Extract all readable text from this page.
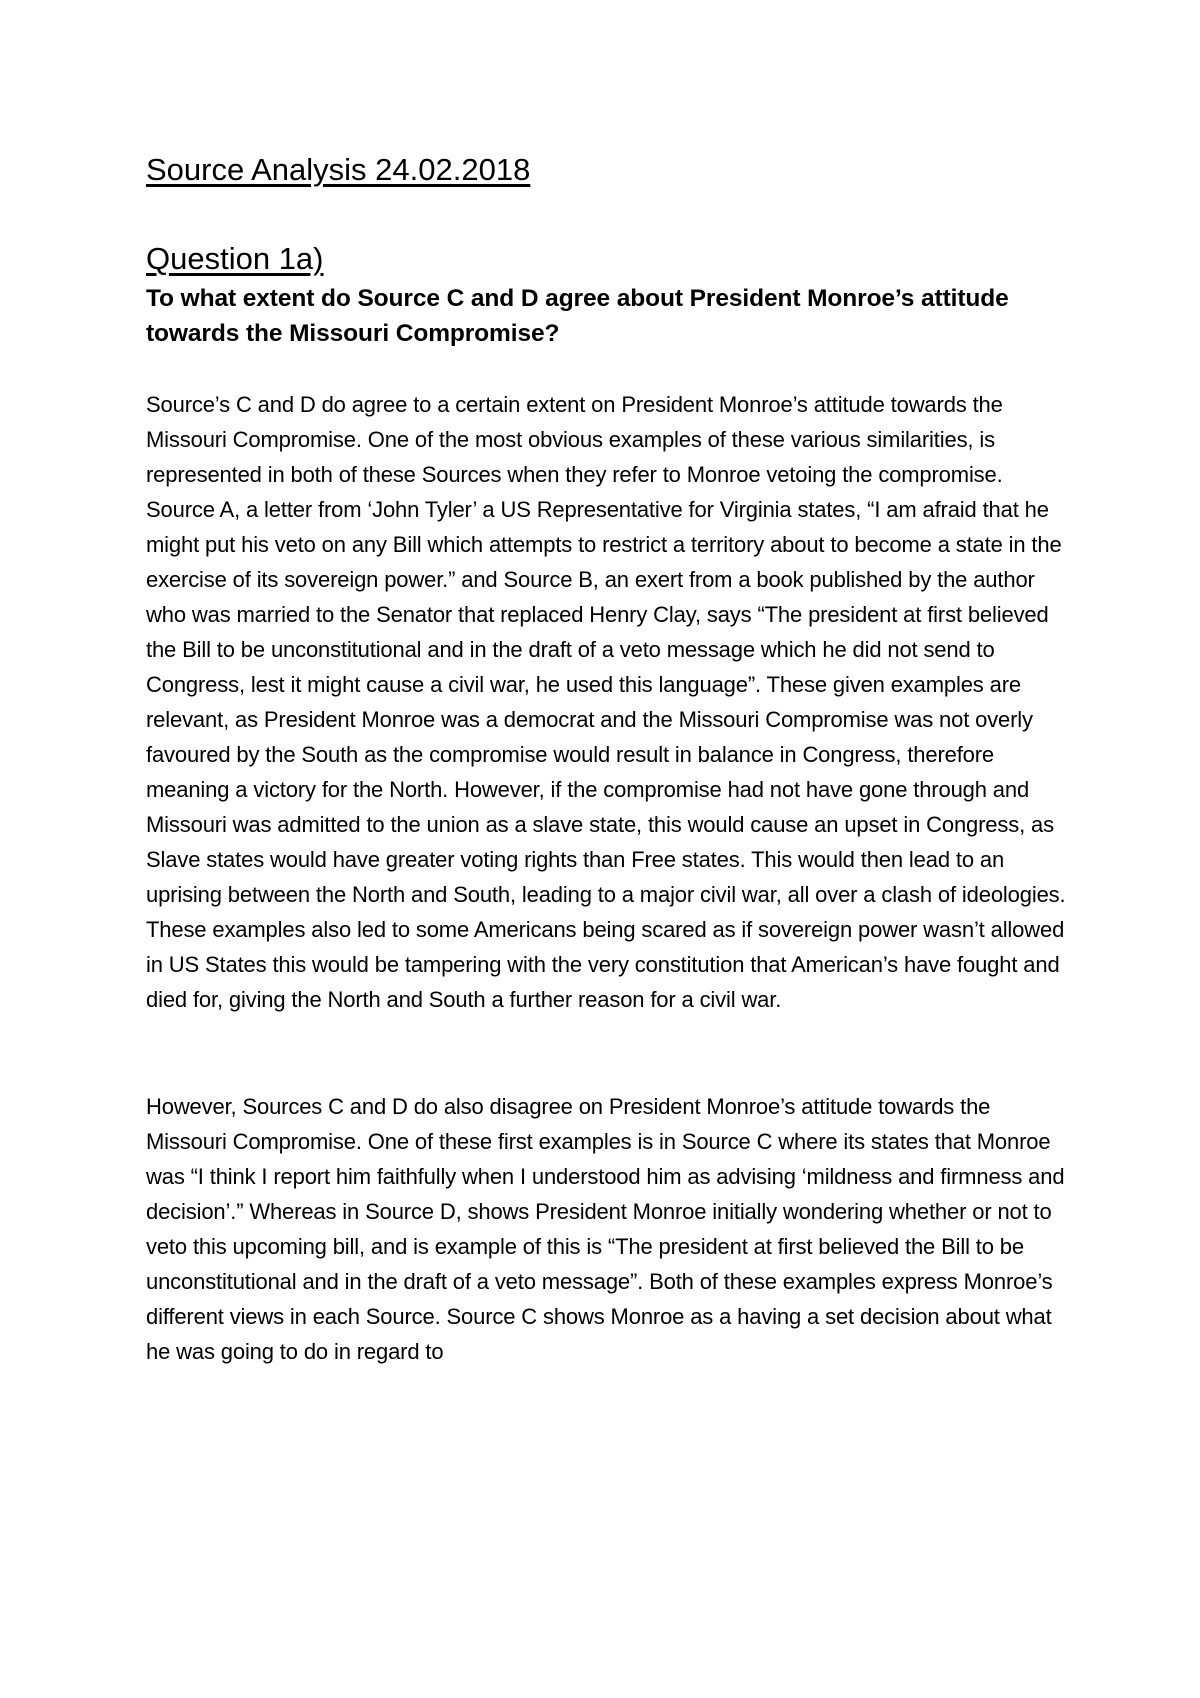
Source Analysis 24.02.2018
Question 1a)

To what extent do Source C and D agree about President Monroe’s attitude towards the Missouri Compromise?

Source’s C and D do agree to a certain extent on President Monroe’s attitude towards the Missouri Compromise. One of the most obvious examples of these various similarities, is represented in both of these Sources when they refer to Monroe vetoing the compromise. Source A, a letter from ‘John Tyler’ a US Representative for Virginia states, “I am afraid that he might put his veto on any Bill which attempts to restrict a territory about to become a state in the exercise of its sovereign power.” and Source B, an exert from a book published by the author who was married to the Senator that replaced Henry Clay, says “The president at first believed the Bill to be unconstitutional and in the draft of a veto message which he did not send to Congress, lest it might cause a civil war, he used this language”. These given examples are relevant, as President Monroe was a democrat and the Missouri Compromise was not overly favoured by the South as the compromise would result in balance in Congress, therefore meaning a victory for the North. However, if the compromise had not have gone through and Missouri was admitted to the union as a slave state, this would cause an upset in Congress, as Slave states would have greater voting rights than Free states. This would then lead to an uprising between the North and South, leading to a major civil war, all over a clash of ideologies. These examples also led to some Americans being scared as if sovereign power wasn’t allowed in US States this would be tampering with the very constitution that American’s have fought and died for, giving the North and South a further reason for a civil war.

However, Sources C and D do also disagree on President Monroe’s attitude towards the Missouri Compromise. One of these first examples is in Source C where its states that Monroe was “I think I report him faithfully when I understood him as advising ‘mildness and firmness and decision’.” Whereas in Source D, shows President Monroe initially wondering whether or not to veto this upcoming bill, and is example of this is “The president at first believed the Bill to be unconstitutional and in the draft of a veto message”. Both of these examples express Monroe’s different views in each Source. Source C shows Monroe as a having a set decision about what he was going to do in regard to
